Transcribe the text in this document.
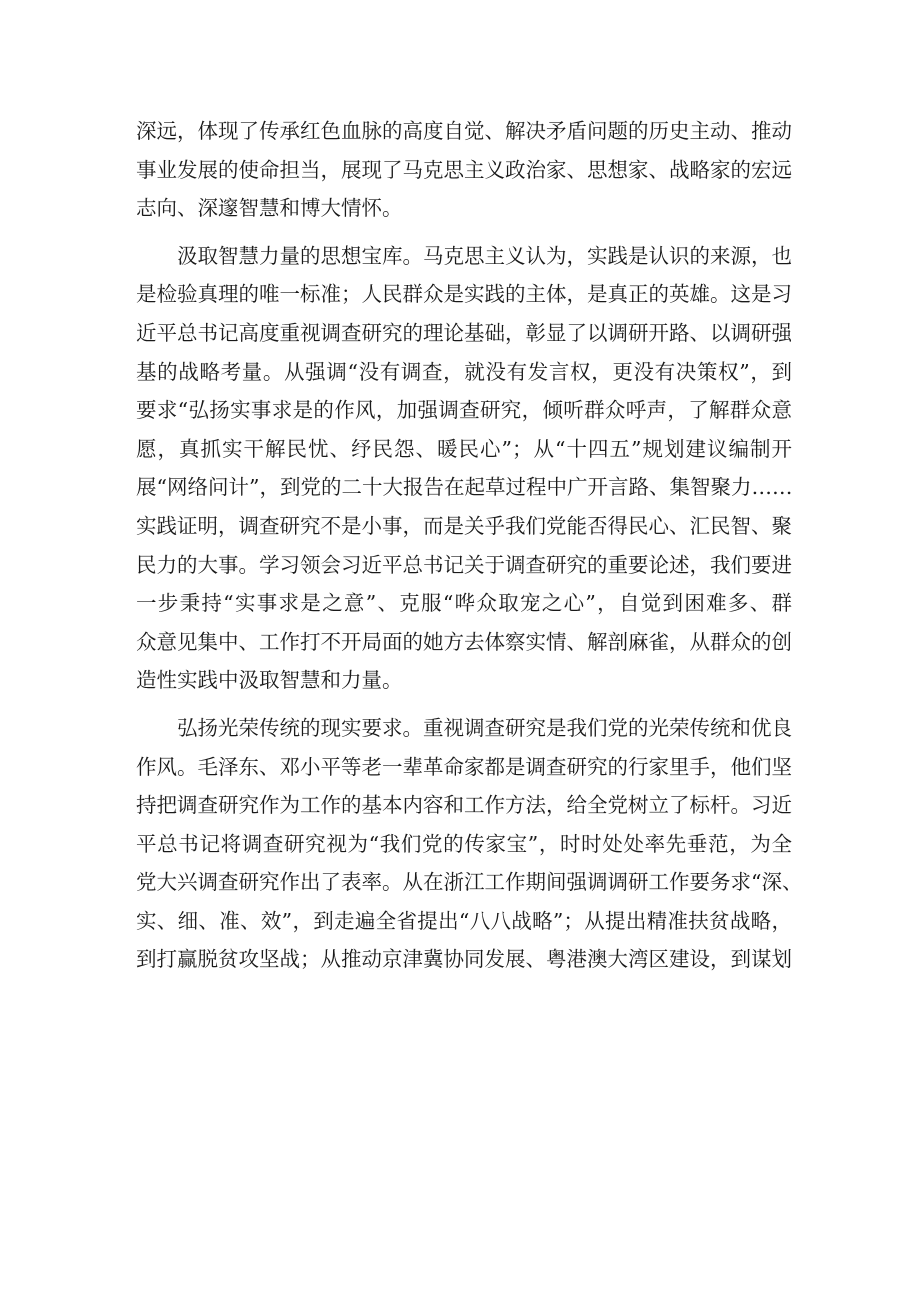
深远，体现了传承红色血脉的高度自觉、解决矛盾问题的历史主动、推动
事业发展的使命担当，展现了马克思主义政治家、思想家、战略家的宏远
志向、深邃智慧和博大情怀。
汲取智慧力量的思想宝库。马克思主义认为，实践是认识的来源，也
是检验真理的唯一标准；人民群众是实践的主体，是真正的英雄。这是习
近平总书记高度重视调查研究的理论基础，彰显了以调研开路、以调研强
基的战略考量。从强调“没有调查，就没有发言权，更没有决策权”，到
要求“弘扬实事求是的作风，加强调查研究，倾听群众呼声，了解群众意
愿，真抓实干解民忧、纾民怨、暖民心”；从“十四五”规划建议编制开
展“网络问计”，到党的二十大报告在起草过程中广开言路、集智聚力……
实践证明，调查研究不是小事，而是关乎我们党能否得民心、汇民智、聚
民力的大事。学习领会习近平总书记关于调查研究的重要论述，我们要进
一步秉持“实事求是之意”、克服“哗众取宠之心”，自觉到困难多、群
众意见集中、工作打不开局面的她方去体察实情、解剖麻雀，从群众的创
造性实践中汲取智慧和力量。
弘扬光荣传统的现实要求。重视调查研究是我们党的光荣传统和优良
作风。毛泽东、邓小平等老一辈革命家都是调查研究的行家里手，他们坚
持把调查研究作为工作的基本内容和工作方法，给全党树立了标杆。习近
平总书记将调查研究视为“我们党的传家宝”，时时处处率先垂范，为全
党大兴调查研究作出了表率。从在浙江工作期间强调调研工作要务求“深、
实、细、准、效”，到走遍全省提出“八八战略”；从提出精准扶贫战略，
到打赢脱贫攻坚战；从推动京津冀协同发展、粤港澳大湾区建设，到谋划
